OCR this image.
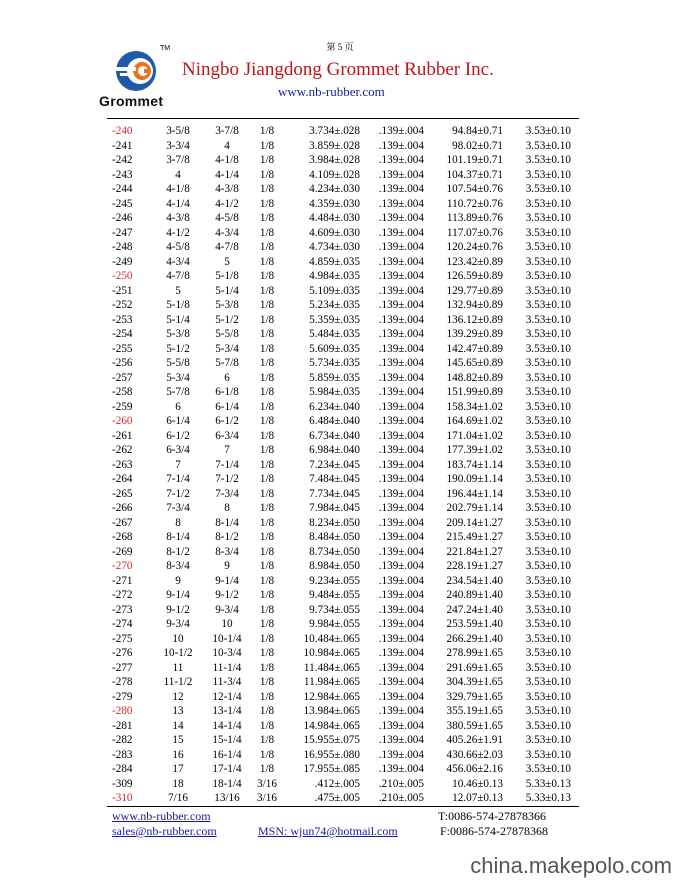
第 5 页
TM
Grommet
Ningbo Jiangdong Grommet Rubber Inc.
www.nb-rubber.com
-240	3-5/8	3-7/8	1/8	3.734±.028	.139±.004	94.84±0.71	3.53±0.10
-241	3-3/4	4	1/8	3.859±.028	.139±.004	98.02±0.71	3.53±0.10
-242	3-7/8	4-1/8	1/8	3.984±.028	.139±.004	101.19±0.71	3.53±0.10
-243	4	4-1/4	1/8	4.109±.028	.139±.004	104.37±0.71	3.53±0.10
-244	4-1/8	4-3/8	1/8	4.234±.030	.139±.004	107.54±0.76	3.53±0.10
-245	4-1/4	4-1/2	1/8	4.359±.030	.139±.004	110.72±0.76	3.53±0.10
-246	4-3/8	4-5/8	1/8	4.484±.030	.139±.004	113.89±0.76	3.53±0.10
-247	4-1/2	4-3/4	1/8	4.609±.030	.139±.004	117.07±0.76	3.53±0.10
-248	4-5/8	4-7/8	1/8	4.734±.030	.139±.004	120.24±0.76	3.53±0.10
-249	4-3/4	5	1/8	4.859±.035	.139±.004	123.42±0.89	3.53±0.10
-250	4-7/8	5-1/8	1/8	4.984±.035	.139±.004	126.59±0.89	3.53±0.10
-251	5	5-1/4	1/8	5.109±.035	.139±.004	129.77±0.89	3.53±0.10
-252	5-1/8	5-3/8	1/8	5.234±.035	.139±.004	132.94±0.89	3.53±0.10
-253	5-1/4	5-1/2	1/8	5.359±.035	.139±.004	136.12±0.89	3.53±0.10
-254	5-3/8	5-5/8	1/8	5.484±.035	.139±.004	139.29±0.89	3.53±0.10
-255	5-1/2	5-3/4	1/8	5.609±.035	.139±.004	142.47±0.89	3.53±0.10
-256	5-5/8	5-7/8	1/8	5.734±.035	.139±.004	145.65±0.89	3.53±0.10
-257	5-3/4	6	1/8	5.859±.035	.139±.004	148.82±0.89	3.53±0.10
-258	5-7/8	6-1/8	1/8	5.984±.035	.139±.004	151.99±0.89	3.53±0.10
-259	6	6-1/4	1/8	6.234±.040	.139±.004	158.34±1.02	3.53±0.10
-260	6-1/4	6-1/2	1/8	6.484±.040	.139±.004	164.69±1.02	3.53±0.10
-261	6-1/2	6-3/4	1/8	6.734±.040	.139±.004	171.04±1.02	3.53±0.10
-262	6-3/4	7	1/8	6.984±.040	.139±.004	177.39±1.02	3.53±0.10
-263	7	7-1/4	1/8	7.234±.045	.139±.004	183.74±1.14	3.53±0.10
-264	7-1/4	7-1/2	1/8	7.484±.045	.139±.004	190.09±1.14	3.53±0.10
-265	7-1/2	7-3/4	1/8	7.734±.045	.139±.004	196.44±1.14	3.53±0.10
-266	7-3/4	8	1/8	7.984±.045	.139±.004	202.79±1.14	3.53±0.10
-267	8	8-1/4	1/8	8.234±.050	.139±.004	209.14±1.27	3.53±0.10
-268	8-1/4	8-1/2	1/8	8.484±.050	.139±.004	215.49±1.27	3.53±0.10
-269	8-1/2	8-3/4	1/8	8.734±.050	.139±.004	221.84±1.27	3.53±0.10
-270	8-3/4	9	1/8	8.984±.050	.139±.004	228.19±1.27	3.53±0.10
-271	9	9-1/4	1/8	9.234±.055	.139±.004	234.54±1.40	3.53±0.10
-272	9-1/4	9-1/2	1/8	9.484±.055	.139±.004	240.89±1.40	3.53±0.10
-273	9-1/2	9-3/4	1/8	9.734±.055	.139±.004	247.24±1.40	3.53±0.10
-274	9-3/4	10	1/8	9.984±.055	.139±.004	253.59±1.40	3.53±0.10
-275	10	10-1/4	1/8	10.484±.065	.139±.004	266.29±1.40	3.53±0.10
-276	10-1/2	10-3/4	1/8	10.984±.065	.139±.004	278.99±1.65	3.53±0.10
-277	11	11-1/4	1/8	11.484±.065	.139±.004	291.69±1.65	3.53±0.10
-278	11-1/2	11-3/4	1/8	11.984±.065	.139±.004	304.39±1.65	3.53±0.10
-279	12	12-1/4	1/8	12.984±.065	.139±.004	329.79±1.65	3.53±0.10
-280	13	13-1/4	1/8	13.984±.065	.139±.004	355.19±1.65	3.53±0.10
-281	14	14-1/4	1/8	14.984±.065	.139±.004	380.59±1.65	3.53±0.10
-282	15	15-1/4	1/8	15.955±.075	.139±.004	405.26±1.91	3.53±0.10
-283	16	16-1/4	1/8	16.955±.080	.139±.004	430.66±2.03	3.53±0.10
-284	17	17-1/4	1/8	17.955±.085	.139±.004	456.06±2.16	3.53±0.10
-309	18	18-1/4	3/16	.412±.005	.210±.005	10.46±0.13	5.33±0.13
-310	7/16	13/16	3/16	.475±.005	.210±.005	12.07±0.13	5.33±0.13
www.nb-rubber.com
sales@nb-rubber.com	MSN: wjun74@hotmail.com
T:0086-574-27878366
F:0086-574-27878368
china.makepolo.com
